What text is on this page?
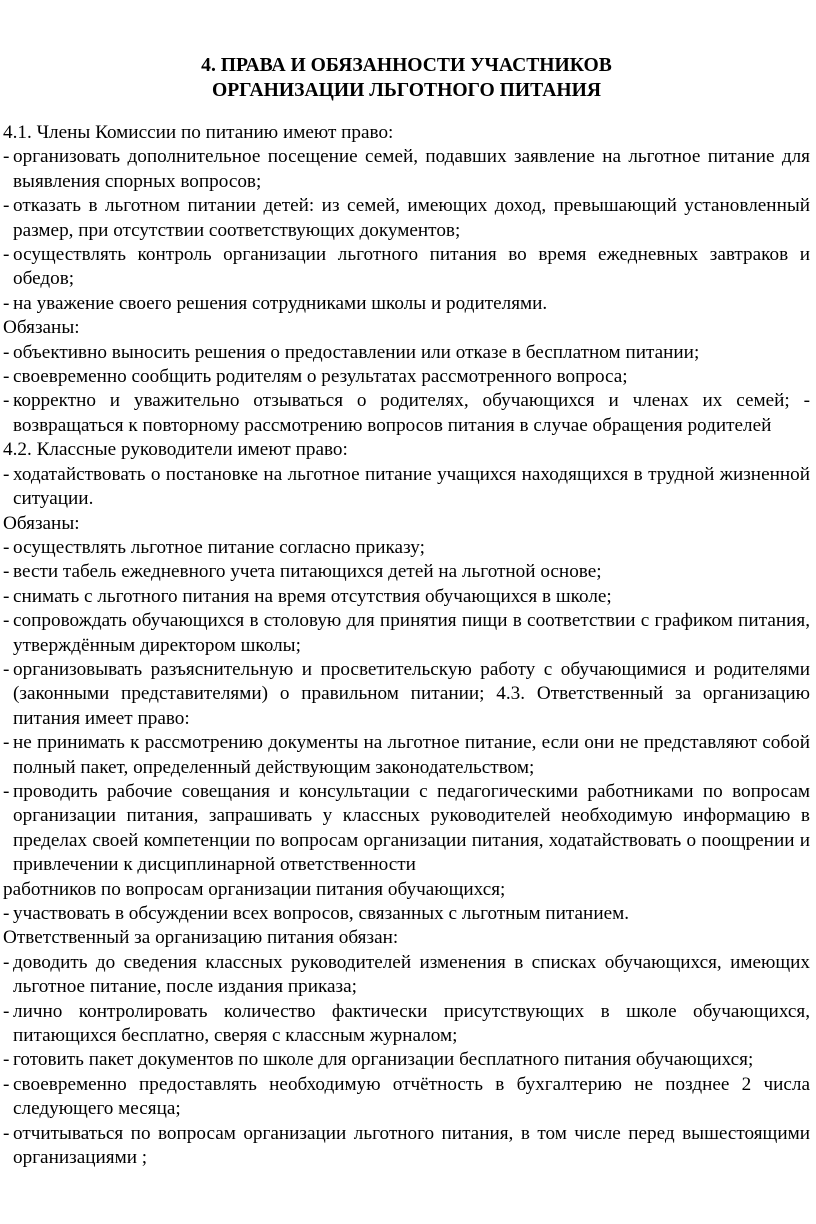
4. ПРАВА И ОБЯЗАННОСТИ УЧАСТНИКОВ
ОРГАНИЗАЦИИ ЛЬГОТНОГО ПИТАНИЯ

4.1. Члены Комиссии по питанию имеют право:

- организовать дополнительное посещение семей, подавших заявление на льготное питание для выявления спорных вопросов;
- отказать в льготном питании детей: из семей, имеющих доход, превышающий установленный размер, при отсутствии соответствующих документов;
- осуществлять контроль организации льготного питания во время ежедневных завтраков и обедов;
- на уважение своего решения сотрудниками школы и родителями.

Обязаны:

- объективно выносить решения о предоставлении или отказе в бесплатном питании;
- своевременно сообщить родителям о результатах рассмотренного вопроса;
- корректно и уважительно отзываться о родителях, обучающихся и членах их семей; - возвращаться к повторному рассмотрению вопросов питания в случае обращения родителей

4.2. Классные руководители имеют право:

- ходатайствовать о постановке на льготное питание учащихся находящихся в трудной жизненной ситуации.

Обязаны:

- осуществлять льготное питание согласно приказу;
- вести табель ежедневного учета питающихся детей на льготной основе;
- снимать с льготного питания на время отсутствия обучающихся в школе;
- сопровождать обучающихся в столовую для принятия пищи в соответствии с графиком питания, утверждённым директором школы;
- организовывать разъяснительную и просветительскую работу с обучающимися и родителями (законными представителями) о правильном питании; 4.3. Ответственный за организацию питания имеет право:
- не принимать к рассмотрению документы на льготное питание, если они не представляют собой полный пакет, определенный действующим законодательством;
- проводить рабочие совещания и консультации с педагогическими работниками по вопросам организации питания, запрашивать у классных руководителей необходимую информацию в пределах своей компетенции по вопросам организации питания, ходатайствовать о поощрении и привлечении к дисциплинарной ответственности

работников по вопросам организации питания обучающихся;

- участвовать в обсуждении всех вопросов, связанных с льготным питанием.

Ответственный за организацию питания обязан:

- доводить до сведения классных руководителей изменения в списках обучающихся, имеющих льготное питание, после издания приказа;
- лично контролировать количество фактически присутствующих в школе обучающихся, питающихся бесплатно, сверяя с классным журналом;
- готовить пакет документов по школе для организации бесплатного питания обучающихся;
- своевременно предоставлять необходимую отчётность в бухгалтерию не позднее 2 числа следующего месяца;
- отчитываться по вопросам организации льготного питания, в том числе перед вышестоящими организациями ;
